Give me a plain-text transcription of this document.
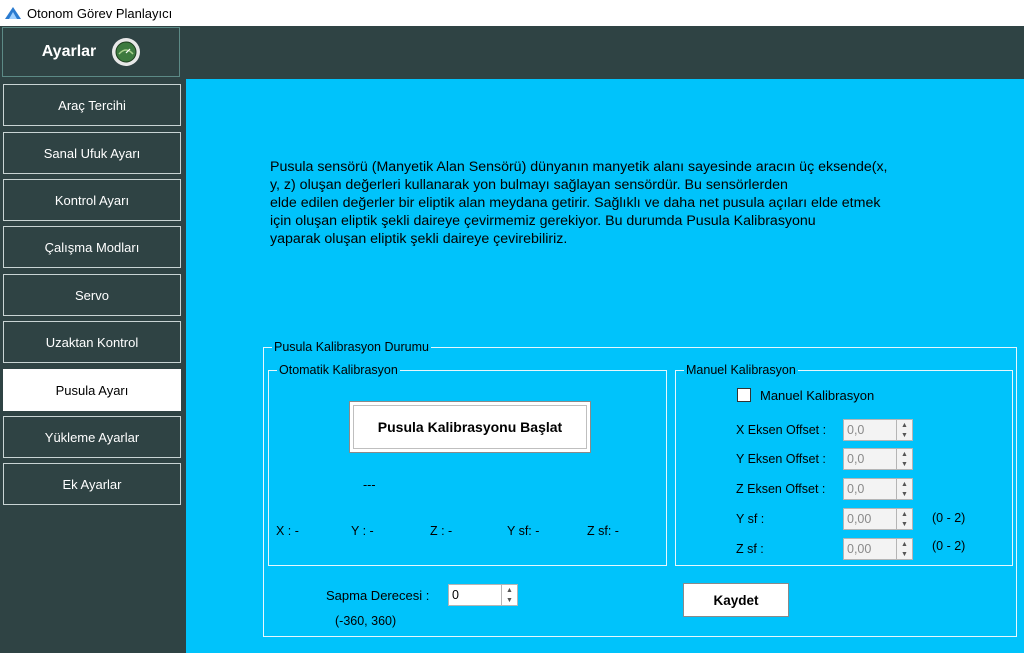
Otonom Görev Planlayıcı
Ayarlar
Araç Tercihi
Sanal Ufuk Ayarı
Kontrol Ayarı
Çalışma Modları
Servo
Uzaktan Kontrol
Pusula Ayarı
Yükleme Ayarlar
Ek Ayarlar
Pusula sensörü (Manyetik Alan Sensörü) dünyanın manyetik alanı sayesinde aracın üç eksende(x,
y, z) oluşan değerleri kullanarak yon bulmayı sağlayan sensördür. Bu sensörlerden
elde edilen değerler bir eliptik alan meydana getirir. Sağlıklı ve daha net pusula açıları elde etmek
için oluşan eliptik şekli daireye çevirmemiz gerekiyor. Bu durumda Pusula Kalibrasyonu
yaparak oluşan eliptik şekli daireye çevirebiliriz.
Pusula Kalibrasyon Durumu
Otomatik Kalibrasyon
Pusula Kalibrasyonu Başlat
---
X : -	Y : -	Z : -	Y sf: -	Z sf: -
Manuel Kalibrasyon
Manuel Kalibrasyon
X Eksen Offset : 0,0	▲
▼
Y Eksen Offset : 0,0	▲
▼
Z Eksen Offset : 0,0	▲
▼
Y sf :	0,00	▲
▼	(0 - 2)
Z sf :	0,00	▲
▼
(0 - 2)
Sapma Derecesi : 0	▲
▼
(-360, 360)
Kaydet
